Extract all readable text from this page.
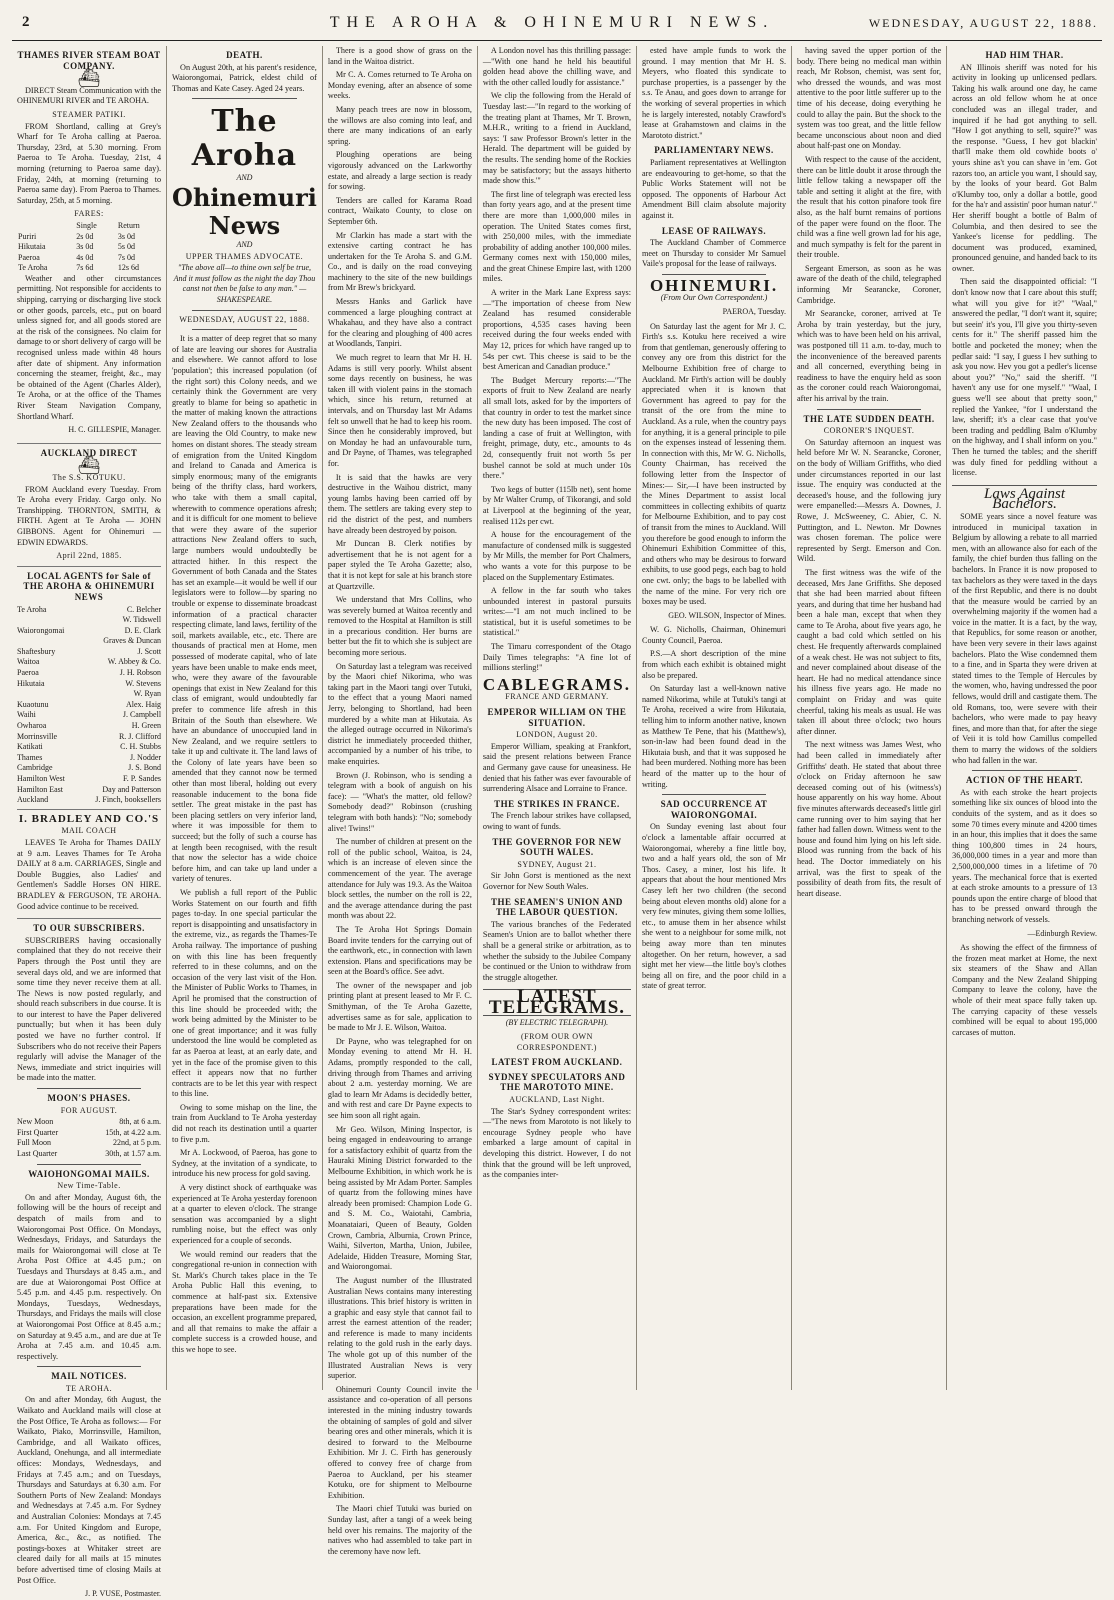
2	THE AROHA & OHINEMURI NEWS.	WEDNESDAY, AUGUST 22, 1888.
THAMES RIVER STEAM BOAT COMPANY.
⛴

DIRECT Steam Communication with the OHINEMURI RIVER and TE AROHA.

STEAMER PATIKI.

FROM Shortland, calling at Grey's Wharf for Te Aroha calling at Paeroa. Thursday, 23rd, at 5.30 morning. From Paeroa to Te Aroha. Tuesday, 21st, 4 morning (returning to Paeroa same day). Friday, 24th, at morning (returning to Paeroa same day). From Paeroa to Thames. Saturday, 25th, at 5 morning.

FARES:
	Single	Return
Puriri	2s 0d	3s 0d
Hikutaia	3s 0d	5s 0d
Paeroa	4s 0d	7s 0d
Te Aroha	7s 6d	12s 6d

Weather and other circumstances permitting. Not responsible for accidents to shipping, carrying or discharging live stock or other goods, parcels, etc., put on board unless signed for, and all goods stored are at the risk of the consignees. No claim for damage to or short delivery of cargo will be recognised unless made within 48 hours after date of shipment. Any information concerning the steamer, freight, &c., may be obtained of the Agent (Charles Alder), Te Aroha, or at the office of the Thames River Steam Navigation Company, Shortland Wharf.

H. C. GILLESPIE, Manager.
AUCKLAND DIRECT
⛴
The S.S. KOTUKU.

FROM Auckland every Tuesday. From Te Aroha every Friday. Cargo only. No Transhipping. THORNTON, SMITH, & FIRTH. Agent at Te Aroha — JOHN GIBBONS. Agent for Ohinemuri — EDWIN EDWARDS.

April 22nd, 1885.
LOCAL AGENTS for Sale of THE AROHA & OHINEMURI NEWS
Te Aroha	C. Belcher
W. Tidswell
Waiorongomai	D. E. Clark
Graves & Duncan
Shaftesbury	J. Scott
Waitoa	W. Abbey & Co.
Paeroa	J. H. Robson
Hikutaia	W. Stevens
W. Ryan
Kuaotunu	Alex. Haig
Waihi	J. Campbell
Owharoa	H. Green
Morrinsville	R. J. Clifford
Katikati	C. H. Stubbs
Thames	J. Nodder
Cambridge	J. S. Bond
Hamilton West	F. P. Sandes
Hamilton East	Day and Patterson
Auckland	J. Finch, booksellers
I. BRADLEY AND CO.'S
MAIL COACH

LEAVES Te Aroha for Thames DAILY at 9 a.m. Leaves Thames for Te Aroha DAILY at 8 a.m. CARRIAGES, Single and Double Buggies, also Ladies' and Gentlemen's Saddle Horses ON HIRE. BRADLEY & FERGUSON, TE AROHA. Good advice continue to be received.

TO OUR SUBSCRIBERS.

SUBSCRIBERS having occasionally complained that they do not receive their Papers through the Post until they are several days old, and we are informed that some time they never receive them at all. The News is now posted regularly, and should reach subscribers in due course. It is to our interest to have the Paper delivered punctually; but when it has been duly posted we have no further control. If Subscribers who do not receive their Papers regularly will advise the Manager of the News, immediate and strict inquiries will be made into the matter.

MOON'S PHASES.
FOR AUGUST.
New Moon	8th, at 6 a.m.
First Quarter	15th, at 4.22 a.m.
Full Moon	22nd, at 5 p.m.
Last Quarter	30th, at 1.57 a.m.
WAIOHONGOMAI MAILS.
New Time-Table.

On and after Monday, August 6th, the following will be the hours of receipt and despatch of mails from and to Waiorongomai Post Office. On Mondays, Wednesdays, Fridays, and Saturdays the mails for Waiorongomai will close at Te Aroha Post Office at 4.45 p.m.; on Tuesdays and Thursdays at 8.45 a.m., and are due at Waiorongomai Post Office at 5.45 p.m. and 4.45 p.m. respectively. On Mondays, Tuesdays, Wednesdays, Thursdays, and Fridays the mails will close at Waiorongomai Post Office at 8.45 a.m.; on Saturday at 9.45 a.m., and are due at Te Aroha at 7.45 a.m. and 10.45 a.m. respectively.

MAIL NOTICES.
TE AROHA.

On and after Monday, 6th August, the Waikato and Auckland mails will close at the Post Office, Te Aroha as follows:— For Waikato, Piako, Morrinsville, Hamilton, Cambridge, and all Waikato offices, Auckland, Onehunga, and all intermediate offices: Mondays, Wednesdays, and Fridays at 7.45 a.m.; and on Tuesdays, Thursdays and Saturdays at 6.30 a.m. For Southern Ports of New Zealand: Mondays and Wednesdays at 7.45 a.m. For Sydney and Australian Colonies: Mondays at 7.45 a.m. For United Kingdom and Europe, America, &c., &c., as notified. The postings-boxes at Whitaker street are cleared daily for all mails at 15 minutes before advertised time of closing Mails at Post Office.

J. P. VUSE, Postmaster.
DEATH.

On August 20th, at his parent's residence, Waiorongomai, Patrick, eldest child of Thomas and Kate Casey. Aged 24 years.

The Aroha
AND
Ohinemuri News
AND
UPPER THAMES ADVOCATE.
"The above all—to thine own self be true, And it must follow as the night the day Thou canst not then be false to any man." —SHAKESPEARE.
WEDNESDAY, AUGUST 22, 1888.

It is a matter of deep regret that so many of late are leaving our shores for Australia and elsewhere. We cannot afford to lose 'population'; this increased population (of the right sort) this Colony needs, and we certainly think the Government are very greatly to blame for being so apathetic in the matter of making known the attractions New Zealand offers to the thousands who are leaving the Old Country, to make new homes on distant shores. The steady stream of emigration from the United Kingdom and Ireland to Canada and America is simply enormous; many of the emigrants being of the thrifty class, hard workers, who take with them a small capital, wherewith to commence operations afresh; and it is difficult for one moment to believe that were they aware of the superior attractions New Zealand offers to such, large numbers would undoubtedly be attracted hither. In this respect the Government of both Canada and the States has set an example—it would be well if our legislators were to follow—by sparing no trouble or expense to disseminate broadcast information of a practical character respecting climate, land laws, fertility of the soil, markets available, etc., etc. There are thousands of practical men at Home, men possessed of moderate capital, who of late years have been unable to make ends meet, who, were they aware of the favourable openings that exist in New Zealand for this class of emigrant, would undoubtedly far prefer to commence life afresh in this Britain of the South than elsewhere. We have an abundance of unoccupied land in New Zealand, and we require settlers to take it up and cultivate it. The land laws of the Colony of late years have been so amended that they cannot now be termed other than most liberal, holding out every reasonable inducement to the bona fide settler. The great mistake in the past has been placing settlers on very inferior land, where it was impossible for them to succeed; but the folly of such a course has at length been recognised, with the result that now the selector has a wide choice before him, and can take up land under a variety of tenures.

We publish a full report of the Public Works Statement on our fourth and fifth pages to-day. In one special particular the report is disappointing and unsatisfactory in the extreme, viz., as regards the Thames-Te Aroha railway. The importance of pushing on with this line has been frequently referred to in these columns, and on the occasion of the very last visit of the Hon. the Minister of Public Works to Thames, in April he promised that the construction of this line should be proceeded with; the work being admitted by the Minister to be one of great importance; and it was fully understood the line would be completed as far as Paeroa at least, at an early date, and yet in the face of the promise given to this effect it appears now that no further contracts are to be let this year with respect to this line.

Owing to some mishap on the line, the train from Auckland to Te Aroha yesterday did not reach its destination until a quarter to five p.m.

Mr A. Lockwood, of Paeroa, has gone to Sydney, at the invitation of a syndicate, to introduce his new process for gold saving.

A very distinct shock of earthquake was experienced at Te Aroha yesterday forenoon at a quarter to eleven o'clock. The strange sensation was accompanied by a slight rumbling noise, but the effect was only experienced for a couple of seconds.

We would remind our readers that the congregational re-union in connection with St. Mark's Church takes place in the Te Aroha Public Hall this evening, to commence at half-past six. Extensive preparations have been made for the occasion, an excellent programme prepared, and all that remains to make the affair a complete success is a crowded house, and this we hope to see.

There is a good show of grass on the land in the Waitoa district.

Mr C. A. Comes returned to Te Aroha on Monday evening, after an absence of some weeks.

Many peach trees are now in blossom, the willows are also coming into leaf, and there are many indications of an early spring.

Ploughing operations are being vigorously advanced on the Larkworthy estate, and already a large section is ready for sowing.

Tenders are called for Karama Road contract, Waikato County, to close on September 6th.

Mr Clarkin has made a start with the extensive carting contract he has undertaken for the Te Aroha S. and G.M. Co., and is daily on the road conveying machinery to the site of the new buildings from Mr Brew's brickyard.

Messrs Hanks and Garlick have commenced a large ploughing contract at Whakahau, and they have also a contract for the clearing and ploughing of 400 acres at Woodlands, Tanpiri.

We much regret to learn that Mr H. H. Adams is still very poorly. Whilst absent some days recently on business, he was taken ill with violent pains in the stomach which, since his return, returned at intervals, and on Thursday last Mr Adams felt so unwell that he had to keep his room. Since then he considerably improved, but on Monday he had an unfavourable turn, and Dr Payne, of Thames, was telegraphed for.

It is said that the hawks are very destructive in the Waihou district, many young lambs having been carried off by them. The settlers are taking every step to rid the district of the pest, and numbers have already been destroyed by poison.

Mr Duncan B. Clerk notifies by advertisement that he is not agent for a paper styled the Te Aroha Gazette; also, that it is not kept for sale at his branch store at Quartzville.

We understand that Mrs Collins, who was severely burned at Waitoa recently and removed to the Hospital at Hamilton is still in a precarious condition. Her burns are better but the fit to which she is subject are becoming more serious.

On Saturday last a telegram was received by the Maori chief Nikorima, who was taking part in the Maori tangi over Tutuki, to the effect that a young Maori named Jerry, belonging to Shortland, had been murdered by a white man at Hikutaia. As the alleged outrage occurred in Nikorima's district he immediately proceeded thither, accompanied by a number of his tribe, to make enquiries.

Brown (J. Robinson, who is sending a telegram with a book of anguish on his face): — "What's the matter, old fellow? Somebody dead?" Robinson (crushing telegram with both hands): "No; somebody alive! Twins!"

The number of children at present on the roll of the public school, Waitoa, is 24, which is an increase of eleven since the commencement of the year. The average attendance for July was 19.3. As the Waitoa block settles, the number on the roll is 22, and the average attendance during the past month was about 22.

The Te Aroha Hot Springs Domain Board invite tenders for the carrying out of the earthwork, etc., in connection with lawn extension. Plans and specifications may be seen at the Board's office. See advt.

The owner of the newspaper and job printing plant at present leased to Mr F. C. Smithyman, of the Te Aroha Gazette, advertises same as for sale, application to be made to Mr J. E. Wilson, Waitoa.

Dr Payne, who was telegraphed for on Monday evening to attend Mr H. H. Adams, promptly responded to the call, driving through from Thames and arriving about 2 a.m. yesterday morning. We are glad to learn Mr Adams is decidedly better, and with rest and care Dr Payne expects to see him soon all right again.

Mr Geo. Wilson, Mining Inspector, is being engaged in endeavouring to arrange for a satisfactory exhibit of quartz from the Hauraki Mining District forwarded to the Melbourne Exhibition, in which work he is being assisted by Mr Adam Porter. Samples of quartz from the following mines have already been promised: Champion Lode G. and S. M. Co., Waiotahi, Cambria, Moanataiari, Queen of Beauty, Golden Crown, Cambria, Alburnia, Crown Prince, Waihi, Silverton, Martha, Union, Jubilee, Adelaide, Hidden Treasure, Morning Star, and Waiorongomai.

The August number of the Illustrated Australian News contains many interesting illustrations. This brief history is written in a graphic and easy style that cannot fail to arrest the earnest attention of the reader; and reference is made to many incidents relating to the gold rush in the early days. The whole got up of this number of the Illustrated Australian News is very superior.

Ohinemuri County Council invite the assistance and co-operation of all persons interested in the mining industry towards the obtaining of samples of gold and silver bearing ores and other minerals, which it is desired to forward to the Melbourne Exhibition. Mr J. C. Firth has generously offered to convey free of charge from Paeroa to Auckland, per his steamer Kotuku, ore for shipment to Melbourne Exhibition.

The Maori chief Tutuki was buried on Sunday last, after a tangi of a week being held over his remains. The majority of the natives who had assembled to take part in the ceremony have now left.

A London novel has this thrilling passage:—"With one hand he held his beautiful golden head above the chilling wave, and with the other called loudly for assistance."

We clip the following from the Herald of Tuesday last:—"In regard to the working of the treating plant at Thames, Mr T. Brown, M.H.R., writing to a friend in Auckland, says: 'I saw Professor Brown's letter in the Herald. The department will be guided by the results. The sending home of the Rockies may be satisfactory; but the assays hitherto made show this.'"

The first line of telegraph was erected less than forty years ago, and at the present time there are more than 1,000,000 miles in operation. The United States comes first, with 250,000 miles, with the immediate probability of adding another 100,000 miles. Germany comes next with 150,000 miles, and the great Chinese Empire last, with 1200 miles.

A writer in the Mark Lane Express says:—"The importation of cheese from New Zealand has resumed considerable proportions, 4,535 cases having been received during the four weeks ended with May 12, prices for which have ranged up to 54s per cwt. This cheese is said to be the best American and Canadian produce."

The Budget Mercury reports:—"The exports of fruit to New Zealand are nearly all small lots, asked for by the importers of that country in order to test the market since the new duty has been imposed. The cost of landing a case of fruit at Wellington, with freight, primage, duty, etc., amounts to 4s 2d, consequently fruit not worth 5s per bushel cannot be sold at much under 10s there."

Two kegs of butter (115lb net), sent home by Mr Walter Crump, of Tikorangi, and sold at Liverpool at the beginning of the year, realised 112s per cwt.

A house for the encouragement of the manufacture of condensed milk is suggested by Mr Mills, the member for Port Chalmers, who wants a vote for this purpose to be placed on the Supplementary Estimates.

A fellow in the far south who takes unbounded interest in pastoral pursuits writes:—"I am not much inclined to be statistical, but it is useful sometimes to be statistical."

The Timaru correspondent of the Otago Daily Times telegraphs: "A fine lot of millions sterling!"

CABLEGRAMS.
FRANCE AND GERMANY.
EMPEROR WILLIAM ON THE SITUATION.
LONDON, August 20.

Emperor William, speaking at Frankfort, said the present relations between France and Germany gave cause for uneasiness. He denied that his father was ever favourable of surrendering Alsace and Lorraine to France.

THE STRIKES IN FRANCE.

The French labour strikes have collapsed, owing to want of funds.

THE GOVERNOR FOR NEW SOUTH WALES.
SYDNEY, August 21.

Sir John Gorst is mentioned as the next Governor for New South Wales.

THE SEAMEN'S UNION AND THE LABOUR QUESTION.

The various branches of the Federated Seamen's Union are to ballot whether there shall be a general strike or arbitration, as to whether the subsidy to the Jubilee Company be continued or the Union to withdraw from the struggle altogether.

LATEST TELEGRAMS.
(BY ELECTRIC TELEGRAPH).
(FROM OUR OWN CORRESPONDENT.)
LATEST FROM AUCKLAND.
SYDNEY SPECULATORS AND THE MAROTOTO MINE.
AUCKLAND, Last Night.

The Star's Sydney correspondent writes:—"The news from Marototo is not likely to encourage Sydney people who have embarked a large amount of capital in developing this district. However, I do not think that the ground will be left unproved, as the companies inter-

ested have ample funds to work the ground. I may mention that Mr H. S. Meyers, who floated this syndicate to purchase properties, is a passenger by the s.s. Te Anau, and goes down to arrange for the working of several properties in which he is largely interested, notably Crawford's lease at Grahamstown and claims in the Marototo district."

PARLIAMENTARY NEWS.

Parliament representatives at Wellington are endeavouring to get-home, so that the Public Works Statement will not be opposed. The opponents of Harbour Act Amendment Bill claim absolute majority against it.

LEASE OF RAILWAYS.

The Auckland Chamber of Commerce meet on Thursday to consider Mr Samuel Vaile's proposal for the lease of railways.

OHINEMURI.
(From Our Own Correspondent.)
PAEROA, Tuesday.

On Saturday last the agent for Mr J. C. Firth's s.s. Kotuku here received a wire from that gentleman, generously offering to convey any ore from this district for the Melbourne Exhibition free of charge to Auckland. Mr Firth's action will be doubly appreciated when it is known that Government has agreed to pay for the transit of the ore from the mine to Auckland. As a rule, when the country pays for anything, it is a general principle to pile on the expenses instead of lessening them. In connection with this, Mr W. G. Nicholls, County Chairman, has received the following letter from the Inspector of Mines:— Sir,—I have been instructed by the Mines Department to assist local committees in collecting exhibits of quartz for Melbourne Exhibition, and to pay cost of transit from the mines to Auckland. Will you therefore be good enough to inform the Ohinemuri Exhibition Committee of this, and others who may be desirous to forward exhibits, to use good pegs, each bag to hold one cwt. only; the bags to be labelled with the name of the mine. For very rich ore boxes may be used.

GEO. WILSON, Inspector of Mines.

W. G. Nicholls, Chairman, Ohinemuri County Council, Paeroa.

P.S.—A short description of the mine from which each exhibit is obtained might also be prepared.

On Saturday last a well-known native named Nikorima, while at Tutuki's tangi at Te Aroha, received a wire from Hikutaia, telling him to inform another native, known as Matthew Te Pene, that his (Matthew's), son-in-law had been found dead in the Hikutaia bush, and that it was supposed he had been murdered. Nothing more has been heard of the matter up to the hour of writing.

SAD OCCURRENCE AT WAIORONGOMAI.

On Sunday evening last about four o'clock a lamentable affair occurred at Waiorongomai, whereby a fine little boy, two and a half years old, the son of Mr Thos. Casey, a miner, lost his life. It appears that about the hour mentioned Mrs Casey left her two children (the second being about eleven months old) alone for a very few minutes, giving them some lollies, etc., to amuse them in her absence whilst she went to a neighbour for some milk, not being away more than ten minutes altogether. On her return, however, a sad sight met her view—the little boy's clothes being all on fire, and the poor child in a state of great terror.

having saved the upper portion of the body. There being no medical man within reach, Mr Robson, chemist, was sent for, who dressed the wounds, and was most attentive to the poor little sufferer up to the time of his decease, doing everything he could to allay the pain. But the shock to the system was too great, and the little fellow became unconscious about noon and died about half-past one on Monday.

With respect to the cause of the accident, there can be little doubt it arose through the little fellow taking a newspaper off the table and setting it alight at the fire, with the result that his cotton pinafore took fire also, as the half burnt remains of portions of the paper were found on the floor. The child was a fine well grown lad for his age, and much sympathy is felt for the parent in their trouble.

Sergeant Emerson, as soon as he was aware of the death of the child, telegraphed informing Mr Searancke, Coroner, Cambridge.

Mr Searancke, coroner, arrived at Te Aroha by train yesterday, but the jury, which was to have been held on his arrival, was postponed till 11 a.m. to-day, much to the inconvenience of the bereaved parents and all concerned, everything being in readiness to have the enquiry held as soon as the coroner could reach Waiorongomai, after his arrival by the train.

THE LATE SUDDEN DEATH.
CORONER'S INQUEST.

On Saturday afternoon an inquest was held before Mr W. N. Searancke, Coroner, on the body of William Griffiths, who died under circumstances reported in our last issue. The enquiry was conducted at the deceased's house, and the following jury were empanelled:—Messrs A. Downes, J. Rowe, J. McSweeney, C. Abier, C. N. Puttington, and L. Newton. Mr Downes was chosen foreman. The police were represented by Sergt. Emerson and Con. Wild.

The first witness was the wife of the deceased, Mrs Jane Griffiths. She deposed that she had been married about fifteen years, and during that time her husband had been a hale man, except that when they came to Te Aroha, about five years ago, he caught a bad cold which settled on his chest. He frequently afterwards complained of a weak chest. He was not subject to fits, and never complained about disease of the heart. He had no medical attendance since his illness five years ago. He made no complaint on Friday and was quite cheerful, taking his meals as usual. He was taken ill about three o'clock; two hours after dinner.

The next witness was James West, who had been called in immediately after Griffiths' death. He stated that about three o'clock on Friday afternoon he saw deceased coming out of his (witness's) house apparently on his way home. About five minutes afterwards deceased's little girl came running over to him saying that her father had fallen down. Witness went to the house and found him lying on his left side. Blood was running from the back of his head. The Doctor immediately on his arrival, was the first to speak of the possibility of death from fits, the result of heart disease.

HAD HIM THAR.

AN Illinois sheriff was noted for his activity in looking up unlicensed pedlars. Taking his walk around one day, he came across an old fellow whom he at once concluded was an illegal trader, and inquired if he had got anything to sell. "How I got anything to sell, squire?" was the response. "Guess, I hev got blackin' that'll make them old cowhide boots o' yours shine as't you can shave in 'em. Got razors too, an article you want, I should say, by the looks of your beard. Got Balm o'Klumby too, only a dollar a bottle, good for the ha'r and assistin' poor human natur'." Her sheriff bought a bottle of Balm of Columbia, and then desired to see the Yankee's license for peddling. The document was produced, examined, pronounced genuine, and handed back to its owner.

Then said the disappointed official: "I don't know now that I care about this stuff; what will you give for it?" "Waal," answered the pedlar, "I don't want it, squire; but seein' it's you, I'll give you thirty-seven cents for it." The sheriff passed him the bottle and pocketed the money; when the pedlar said: "I say, I guess I hev suthing to ask you now. Hev you got a pedler's license about you?" "No," said the sheriff. "I haven't any use for one myself." "Waal, I guess we'll see about that pretty soon," replied the Yankee, "for I understand the law, sheriff; it's a clear case that you've been trading and peddling Balm o'Klumby on the highway, and I shall inform on you." Then he turned the tables; and the sheriff was duly fined for peddling without a license.

Laws Against Bachelors.

SOME years since a novel feature was introduced in municipal taxation in Belgium by allowing a rebate to all married men, with an allowance also for each of the family, the chief burden thus falling on the bachelors. In France it is now proposed to tax bachelors as they were taxed in the days of the first Republic, and there is no doubt that the measure would be carried by an overwhelming majority if the women had a voice in the matter. It is a fact, by the way, that Republics, for some reason or another, have been very severe in their laws against bachelors. Plato the Wise condemned them to a fine, and in Sparta they were driven at stated times to the Temple of Hercules by the women, who, having undressed the poor fellows, would drill and castigate them. The old Romans, too, were severe with their bachelors, who were made to pay heavy fines, and more than that, for after the siege of Veii it is told how Camillus compelled them to marry the widows of the soldiers who had fallen in the war.

ACTION OF THE HEART.

As with each stroke the heart projects something like six ounces of blood into the conduits of the system, and as it does so some 70 times every minute and 4200 times in an hour, this implies that it does the same thing 100,800 times in 24 hours, 36,000,000 times in a year and more than 2,500,000,000 times in a lifetime of 70 years. The mechanical force that is exerted at each stroke amounts to a pressure of 13 pounds upon the entire charge of blood that has to be pressed onward through the branching network of vessels.

—Edinburgh Review.

As showing the effect of the firmness of the frozen meat market at Home, the next six steamers of the Shaw and Allan Company and the New Zealand Shipping Company to leave the colony, have the whole of their meat space fully taken up. The carrying capacity of these vessels combined will be equal to about 195,000 carcases of mutton.
